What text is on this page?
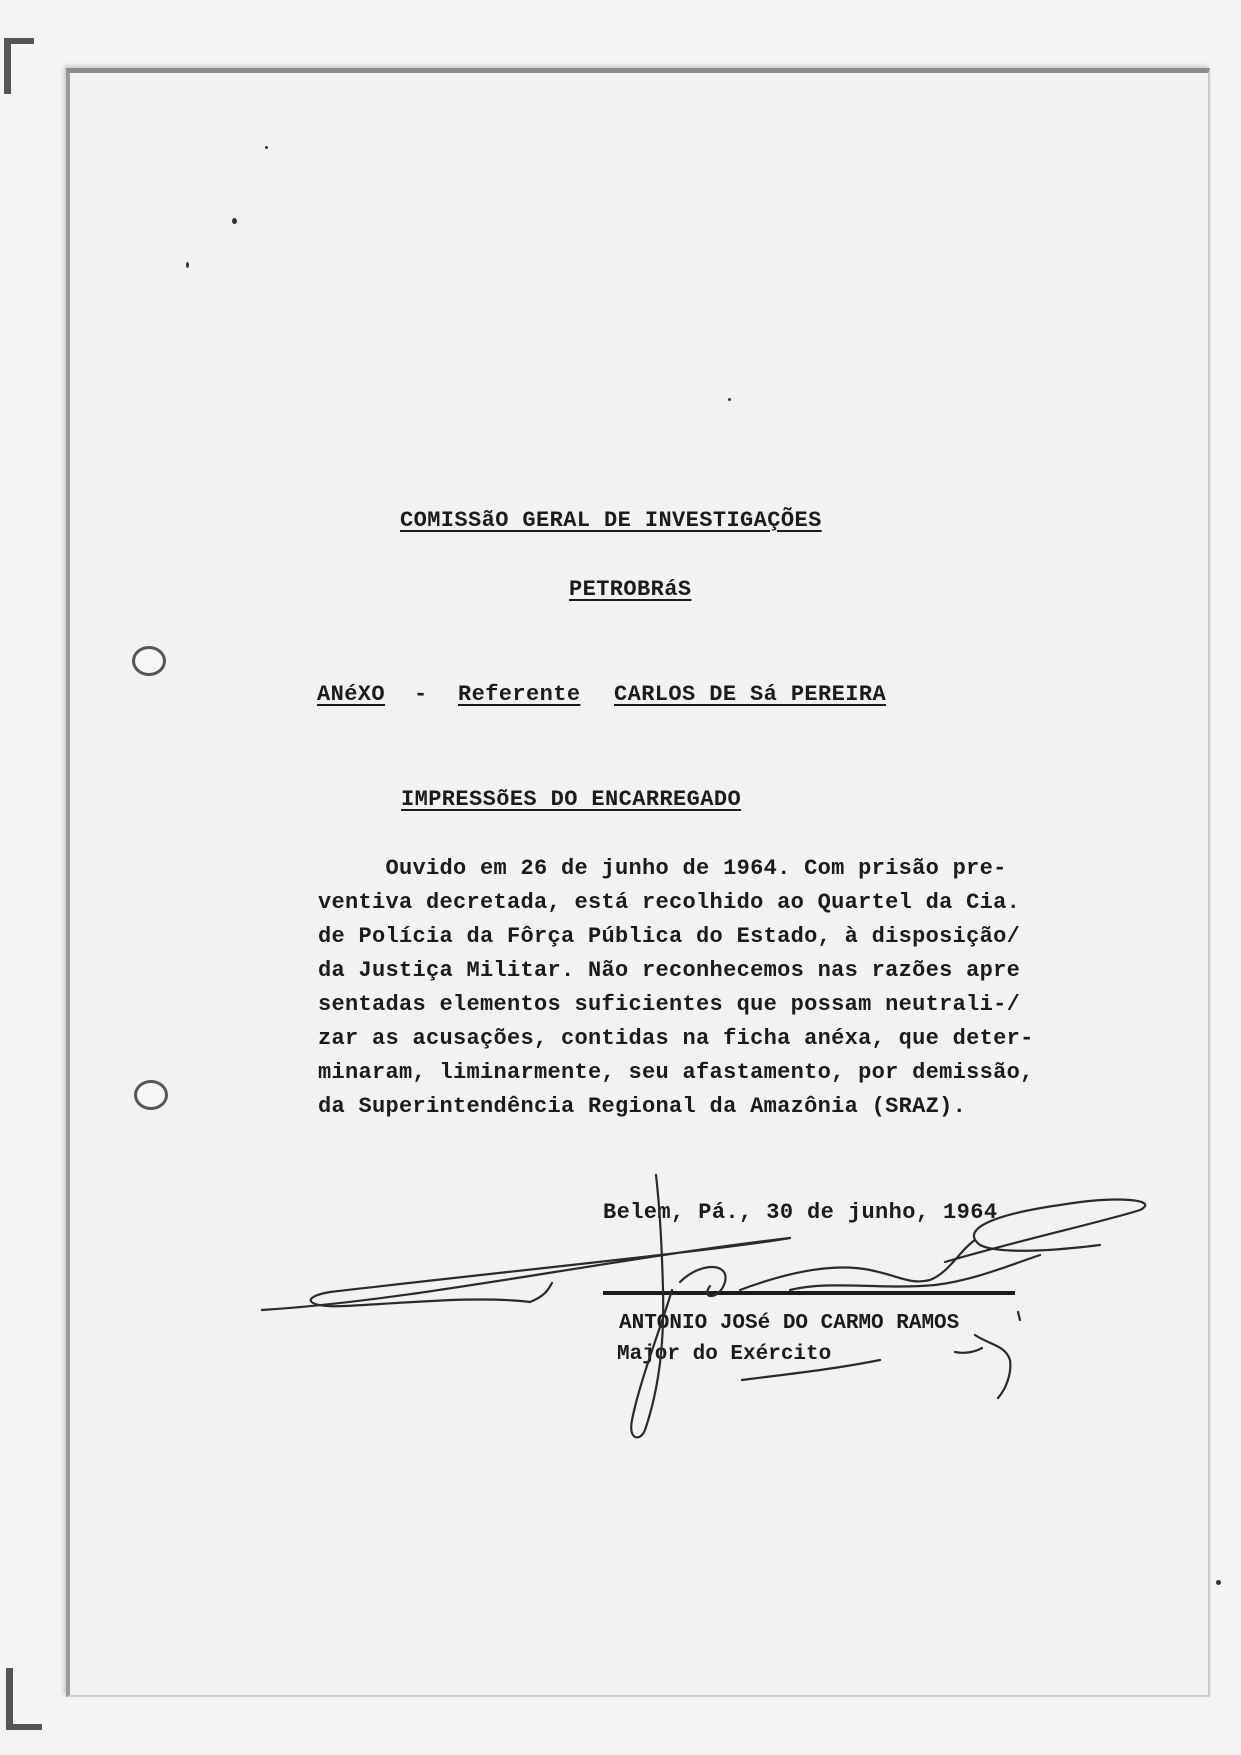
COMISSãO GERAL DE INVESTIGAÇÕES
PETROBRáS
ANéXO - Referente CARLOS DE Sá PEREIRA
IMPRESSõES DO ENCARREGADO
Ouvido em 26 de junho de 1964. Com prisão pre-
ventiva decretada, está recolhido ao Quartel da Cia.
de Polícia da Fôrça Pública do Estado, à disposição/
da Justiça Militar. Não reconhecemos nas razões apre
sentadas elementos suficientes que possam neutrali-/
zar as acusações, contidas na ficha anéxa, que deter-
minaram, liminarmente, seu afastamento, por demissão,
da Superintendência Regional da Amazônia (SRAZ).
Belem, Pá., 30 de junho, 1964
ANTONIO JOSé DO CARMO RAMOS
Major do Exército
